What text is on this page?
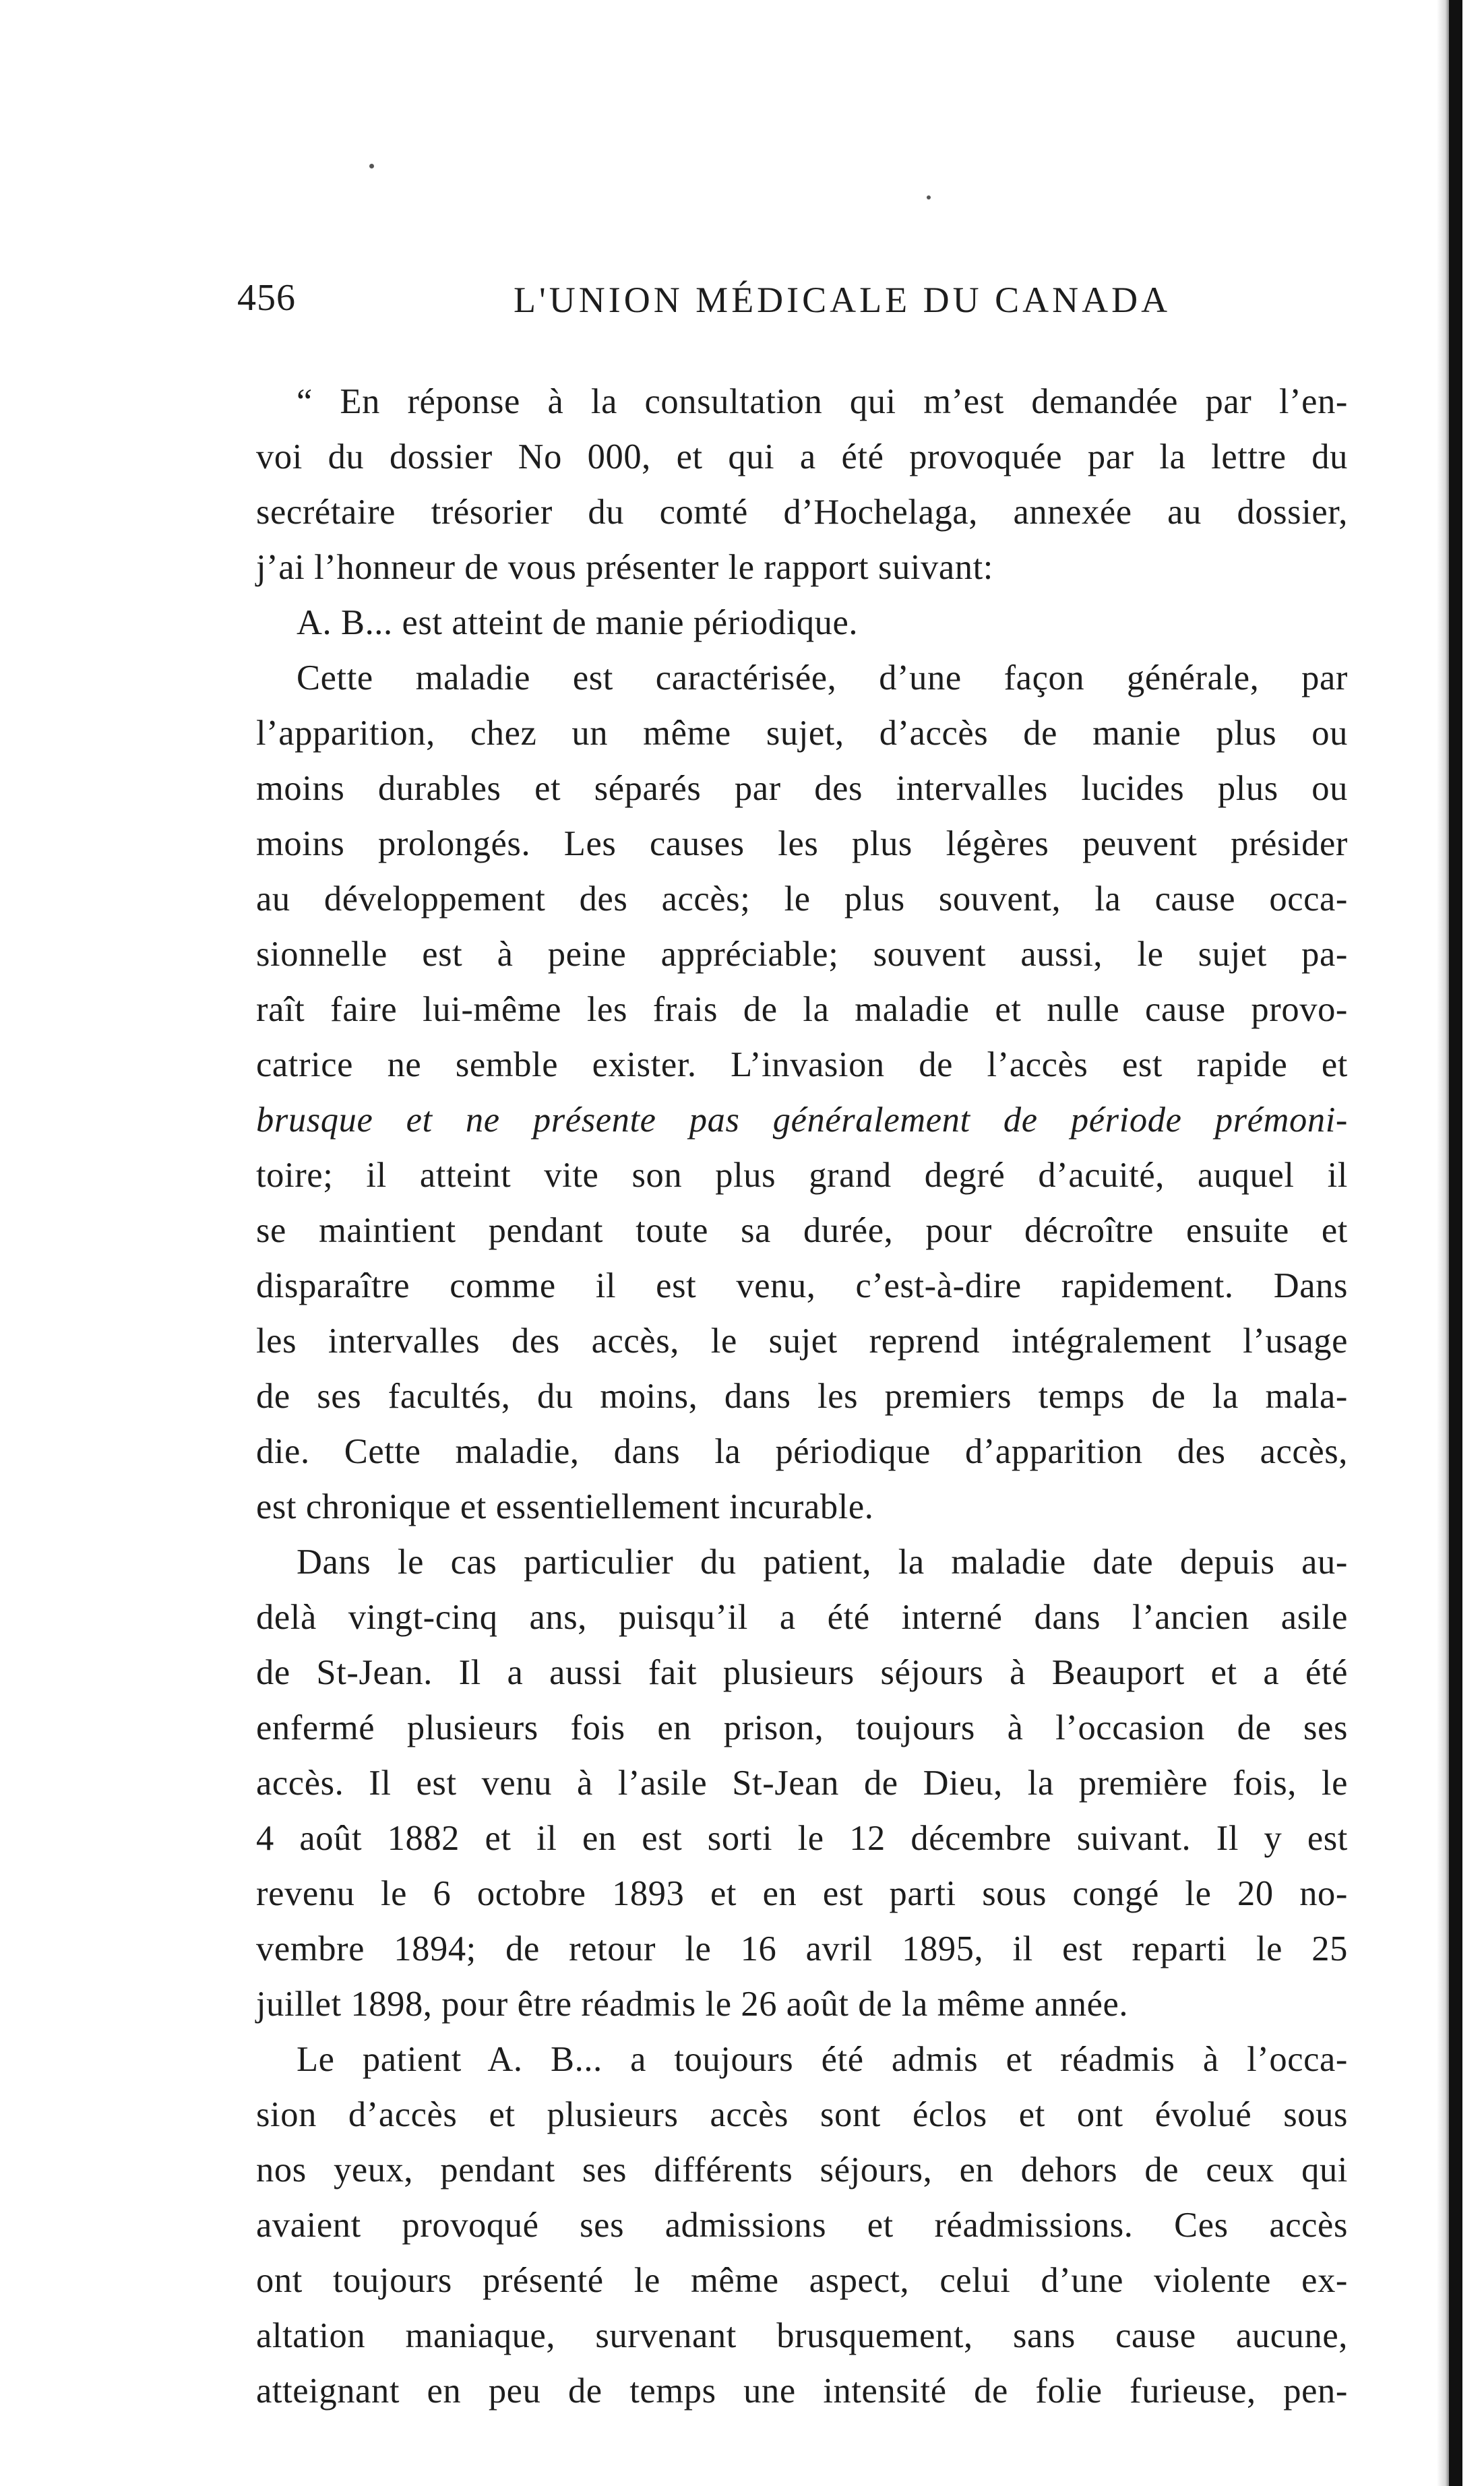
456	L'UNION MÉDICALE DU CANADA
“ En réponse à la consultation qui m’est demandée par l’en-
voi du dossier No 000, et qui a été provoquée par la lettre du
secrétaire trésorier du comté d’Hochelaga, annexée au dossier,
j’ai l’honneur de vous présenter le rapport suivant:
A. B... est atteint de manie périodique.
Cette maladie est caractérisée, d’une façon générale, par
l’apparition, chez un même sujet, d’accès de manie plus ou
moins durables et séparés par des intervalles lucides plus ou
moins prolongés. Les causes les plus légères peuvent présider
au développement des accès; le plus souvent, la cause occa-
sionnelle est à peine appréciable; souvent aussi, le sujet pa-
raît faire lui-même les frais de la maladie et nulle cause provo-
catrice ne semble exister. L’invasion de l’accès est rapide et
brusque et ne présente pas généralement de période prémoni-
toire; il atteint vite son plus grand degré d’acuité, auquel il
se maintient pendant toute sa durée, pour décroître ensuite et
disparaître comme il est venu, c’est-à-dire rapidement. Dans
les intervalles des accès, le sujet reprend intégralement l’usage
de ses facultés, du moins, dans les premiers temps de la mala-
die. Cette maladie, dans la périodique d’apparition des accès,
est chronique et essentiellement incurable.
Dans le cas particulier du patient, la maladie date depuis au-
delà vingt-cinq ans, puisqu’il a été interné dans l’ancien asile
de St-Jean. Il a aussi fait plusieurs séjours à Beauport et a été
enfermé plusieurs fois en prison, toujours à l’occasion de ses
accès. Il est venu à l’asile St-Jean de Dieu, la première fois, le
4 août 1882 et il en est sorti le 12 décembre suivant. Il y est
revenu le 6 octobre 1893 et en est parti sous congé le 20 no-
vembre 1894; de retour le 16 avril 1895, il est reparti le 25
juillet 1898, pour être réadmis le 26 août de la même année.
Le patient A. B... a toujours été admis et réadmis à l’occa-
sion d’accès et plusieurs accès sont éclos et ont évolué sous
nos yeux, pendant ses différents séjours, en dehors de ceux qui
avaient provoqué ses admissions et réadmissions. Ces accès
ont toujours présenté le même aspect, celui d’une violente ex-
altation maniaque, survenant brusquement, sans cause aucune,
atteignant en peu de temps une intensité de folie furieuse, pen-
